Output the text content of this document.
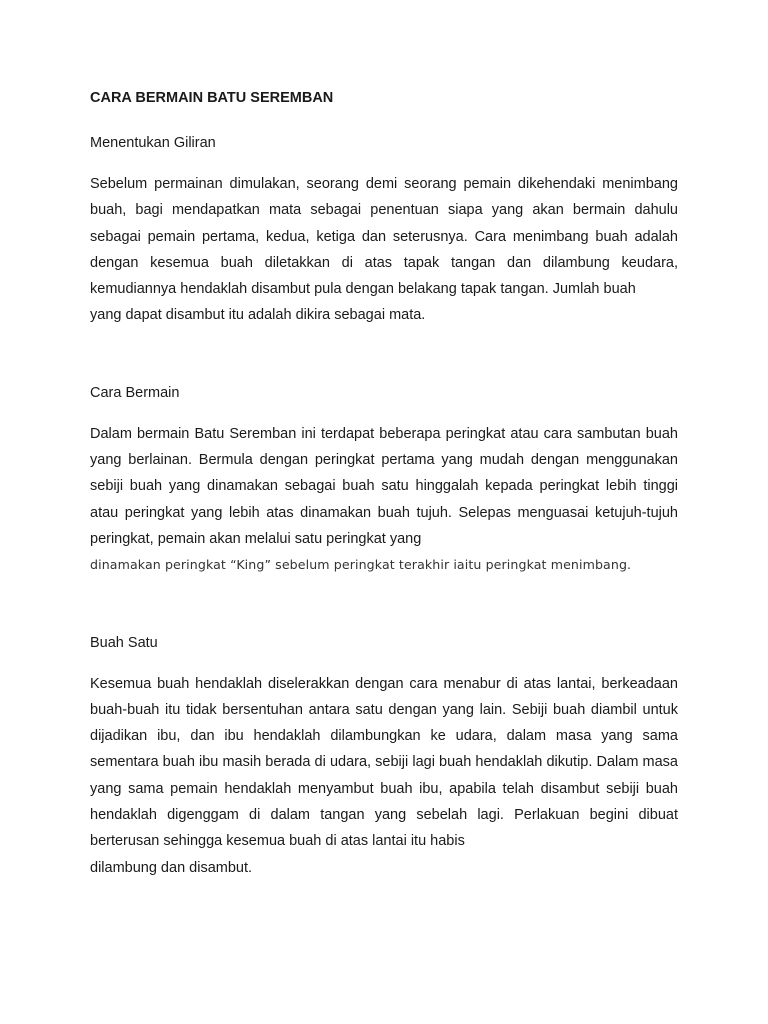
CARA BERMAIN BATU SEREMBAN
Menentukan Giliran

Sebelum permainan dimulakan, seorang demi seorang pemain dikehendaki menimbang buah, bagi mendapatkan mata sebagai penentuan siapa yang akan bermain dahulu sebagai pemain pertama, kedua, ketiga dan seterusnya. Cara menimbang buah adalah dengan kesemua buah diletakkan di atas tapak tangan dan dilambung keudara, kemudiannya hendaklah disambut pula dengan belakang tapak tangan. Jumlah buah
yang dapat disambut itu adalah dikira sebagai mata.

Cara Bermain

Dalam bermain Batu Seremban ini terdapat beberapa peringkat atau cara sambutan buah yang berlainan. Bermula dengan peringkat pertama yang mudah dengan menggunakan sebiji buah yang dinamakan sebagai buah satu hinggalah kepada peringkat lebih tinggi atau peringkat yang lebih atas dinamakan buah tujuh. Selepas menguasai ketujuh-tujuh peringkat, pemain akan melalui satu peringkat yang
dinamakan peringkat “King” sebelum peringkat terakhir iaitu peringkat menimbang.

Buah Satu

Kesemua buah hendaklah diselerakkan dengan cara menabur di atas lantai, berkeadaan buah-buah itu tidak bersentuhan antara satu dengan yang lain. Sebiji buah diambil untuk dijadikan ibu, dan ibu hendaklah dilambungkan ke udara, dalam masa yang sama sementara buah ibu masih berada di udara, sebiji lagi buah hendaklah dikutip. Dalam masa yang sama pemain hendaklah menyambut buah ibu, apabila telah disambut sebiji buah hendaklah digenggam di dalam tangan yang sebelah lagi. Perlakuan begini dibuat berterusan sehingga kesemua buah di atas lantai itu habis
dilambung dan disambut.
